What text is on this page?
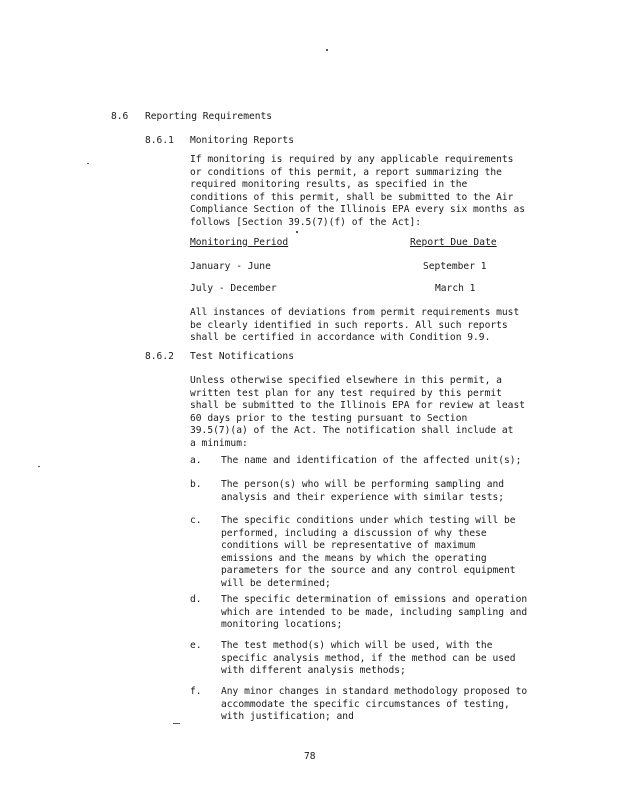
8.6 Reporting Requirements
8.6.1 Monitoring Reports
If monitoring is required by any applicable requirements
or conditions of this permit, a report summarizing the
required monitoring results, as specified in the
conditions of this permit, shall be submitted to the Air
Compliance Section of the Illinois EPA every six months as
follows [Section 39.5(7)(f) of the Act]:
Monitoring Period	Report Due Date
January - June	September 1
July - December	March 1
All instances of deviations from permit requirements must
be clearly identified in such reports. All such reports
shall be certified in accordance with Condition 9.9.
8.6.2 Test Notifications
Unless otherwise specified elsewhere in this permit, a
written test plan for any test required by this permit
shall be submitted to the Illinois EPA for review at least
60 days prior to the testing pursuant to Section
39.5(7)(a) of the Act. The notification shall include at
a minimum:
a. The name and identification of the affected unit(s);
b. The person(s) who will be performing sampling and
analysis and their experience with similar tests;
c. The specific conditions under which testing will be
performed, including a discussion of why these
conditions will be representative of maximum
emissions and the means by which the operating
parameters for the source and any control equipment
will be determined;
d. The specific determination of emissions and operation
which are intended to be made, including sampling and
monitoring locations;
e. The test method(s) which will be used, with the
specific analysis method, if the method can be used
with different analysis methods;
f. Any minor changes in standard methodology proposed to
accommodate the specific circumstances of testing,
with justification; and
78
